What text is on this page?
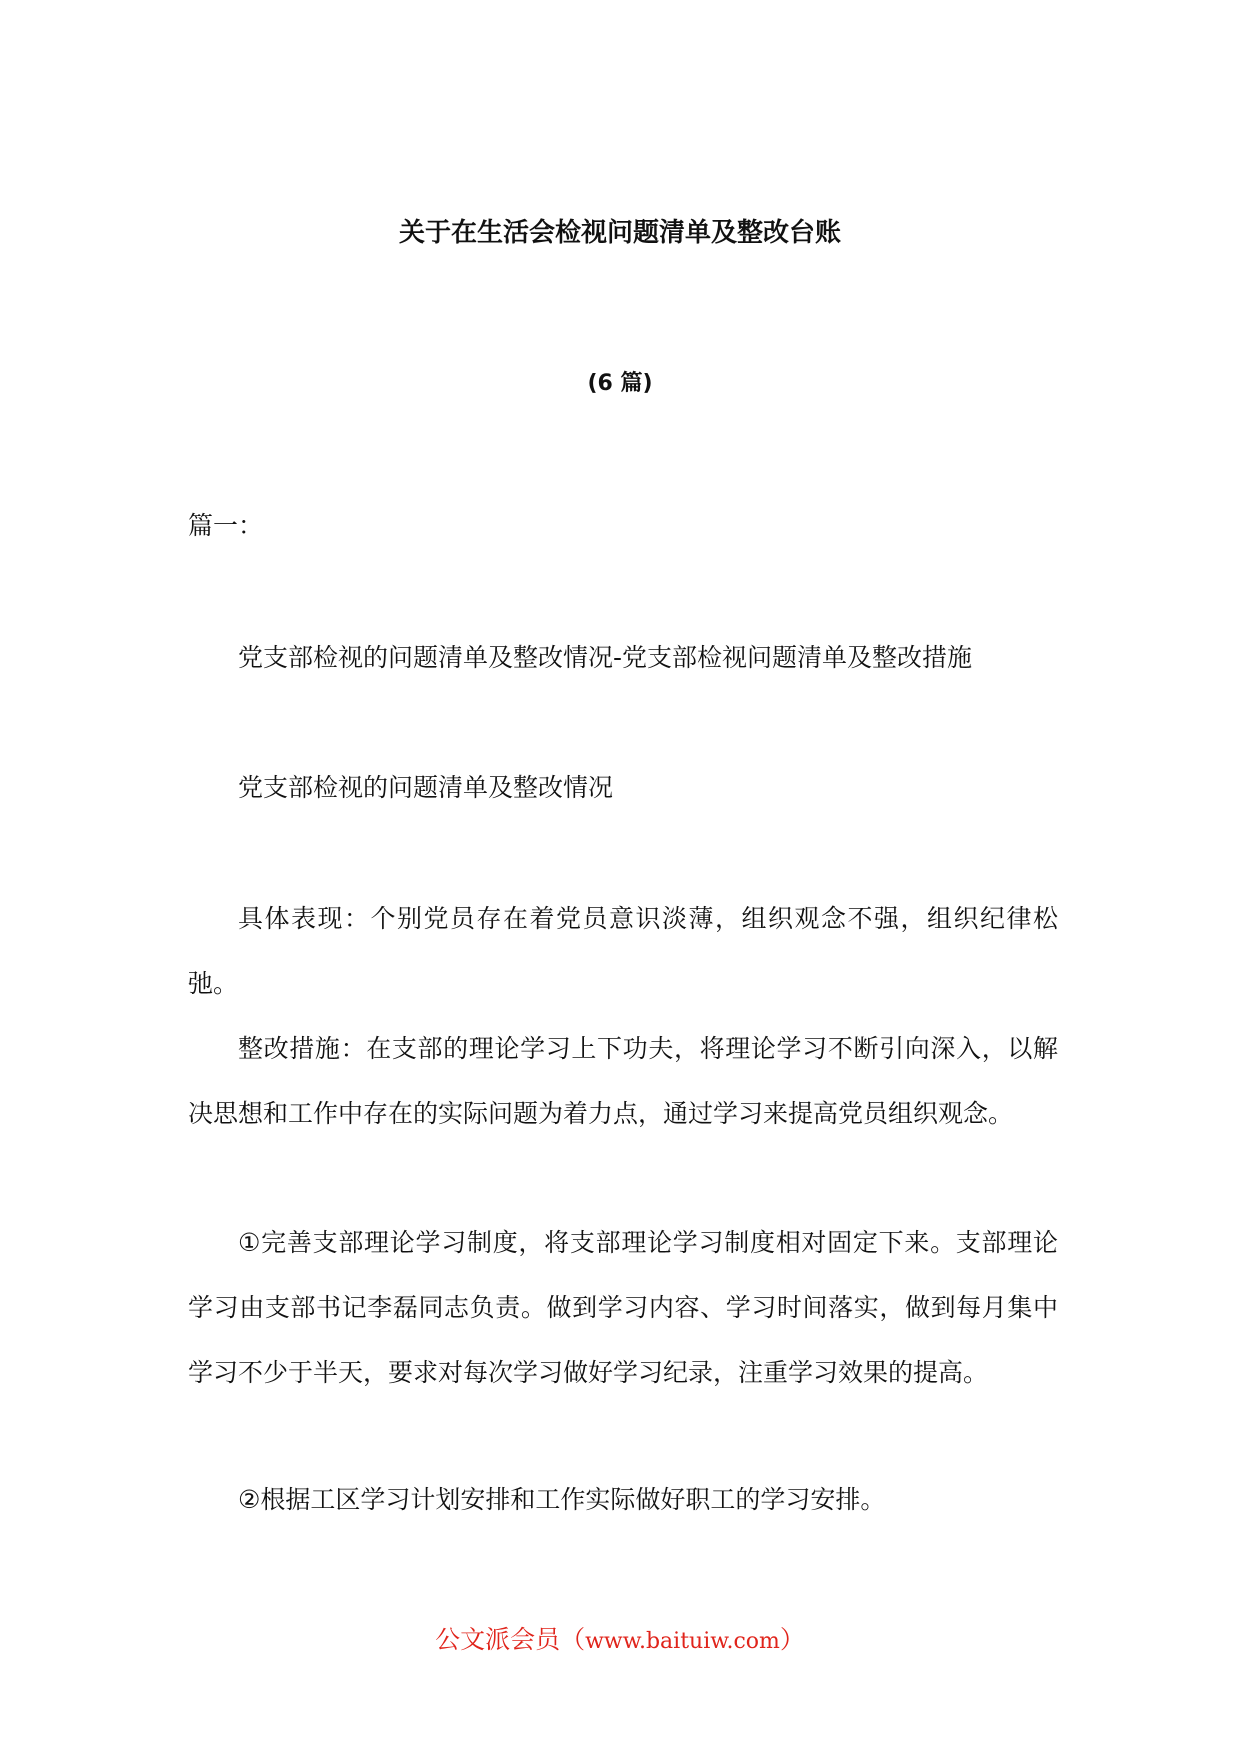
关于在生活会检视问题清单及整改台账
(6 篇)

篇一：

党支部检视的问题清单及整改情况-党支部检视问题清单及整改措施

党支部检视的问题清单及整改情况

具体表现：个别党员存在着党员意识淡薄，组织观念不强，组织纪律松弛。

整改措施：在支部的理论学习上下功夫，将理论学习不断引向深入，以解决思想和工作中存在的实际问题为着力点，通过学习来提高党员组织观念。

①完善支部理论学习制度，将支部理论学习制度相对固定下来。支部理论学习由支部书记李磊同志负责。做到学习内容、学习时间落实，做到每月集中学习不少于半天，要求对每次学习做好学习纪录，注重学习效果的提高。

②根据工区学习计划安排和工作实际做好职工的学习安排。

公文派会员（www.baituiw.com）
